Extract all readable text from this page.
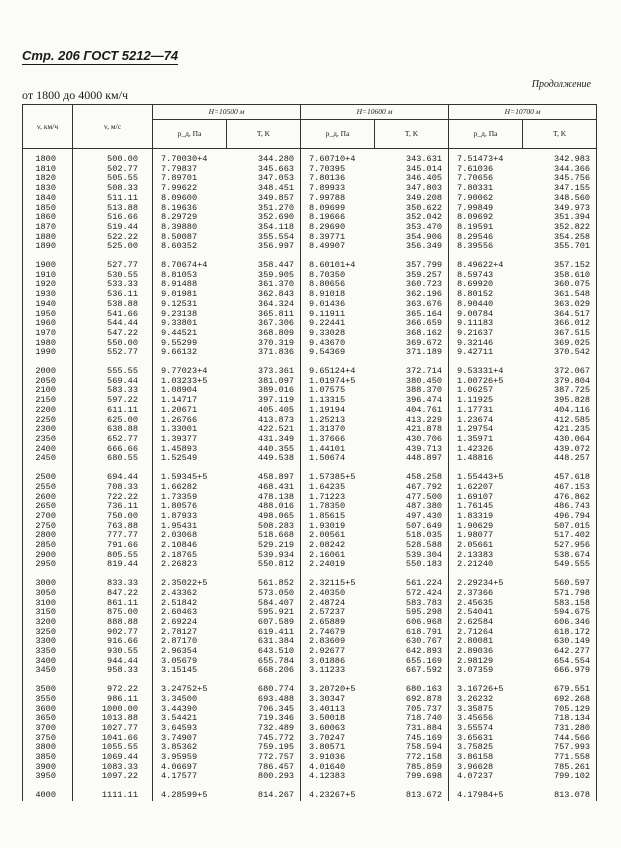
Стр. 206 ГОСТ 5212—74
Продолжение
от 1800 до 4000 км/ч
v, км/ч	v, м/с	H=10500 м		H=10600 м		H=10700 м	
		p_д, Па	T, K	p_д, Па	T, K	p_д, Па	T, K
1800	500.00	7.70030+4	344.280	7.60710+4	343.631	7.51473+4	342.983
1810	502.77	7.79837	345.663	7.70395	345.014	7.61036	344.366
1820	505.55	7.89701	347.053	7.80136	346.405	7.70656	345.756
1830	508.33	7.99622	348.451	7.89933	347.803	7.80331	347.155
1840	511.11	8.09600	349.857	7.99788	349.208	7.90062	348.560
1850	513.88	8.19636	351.270	8.09699	350.622	7.99849	349.973
1860	516.66	8.29729	352.690	8.19666	352.042	8.09692	351.394
1870	519.44	8.39880	354.118	8.29690	353.470	8.19591	352.822
1880	522.22	8.50087	355.554	8.39771	354.906	8.29546	354.258
1890	525.00	8.60352	356.997	8.49907	356.349	8.39556	355.701

1900	527.77	8.70674+4	358.447	8.60101+4	357.799	8.49622+4	357.152
1910	530.55	8.81053	359.905	8.70350	359.257	8.59743	358.610
1920	533.33	8.91488	361.370	8.80656	360.723	8.69920	360.075
1930	536.11	9.01981	362.843	8.91018	362.196	8.80152	361.548
1940	538.88	9.12531	364.324	9.01436	363.676	8.90440	363.029
1950	541.66	9.23138	365.811	9.11911	365.164	9.00784	364.517
1960	544.44	9.33801	367.306	9.22441	366.659	9.11183	366.012
1970	547.22	9.44521	368.809	9.33028	368.162	9.21637	367.515
1980	550.00	9.55299	370.319	9.43670	369.672	9.32146	369.025
1990	552.77	9.66132	371.836	9.54369	371.189	9.42711	370.542

2000	555.55	9.77023+4	373.361	9.65124+4	372.714	9.53331+4	372.067
2050	569.44	1.03233+5	381.097	1.01974+5	380.450	1.00726+5	379.804
2100	583.33	1.08904	389.016	1.07575	388.370	1.06257	387.725
2150	597.22	1.14717	397.119	1.13315	396.474	1.11925	395.828
2200	611.11	1.20671	405.405	1.19194	404.761	1.17731	404.116
2250	625.00	1.26766	413.873	1.25213	413.229	1.23674	412.585
2300	638.88	1.33001	422.521	1.31370	421.878	1.29754	421.235
2350	652.77	1.39377	431.349	1.37666	430.706	1.35971	430.064
2400	666.66	1.45893	440.355	1.44101	439.713	1.42326	439.072
2450	680.55	1.52549	449.538	1.50674	448.897	1.48816	448.257

2500	694.44	1.59345+5	458.897	1.57385+5	458.258	1.55443+5	457.618
2550	708.33	1.66282	468.431	1.64235	467.792	1.62207	467.153
2600	722.22	1.73359	478.138	1.71223	477.500	1.69107	476.862
2650	736.11	1.80576	488.016	1.78350	487.380	1.76145	486.743
2700	750.00	1.87933	498.065	1.85615	497.430	1.83319	496.794
2750	763.88	1.95431	508.283	1.93019	507.649	1.90629	507.015
2800	777.77	2.03068	518.668	2.00561	518.035	1.98077	517.402
2850	791.66	2.10846	529.219	2.08242	528.588	2.05661	527.956
2900	805.55	2.18765	539.934	2.16061	539.304	2.13383	538.674
2950	819.44	2.26823	550.812	2.24019	550.183	2.21240	549.555

3000	833.33	2.35022+5	561.852	2.32115+5	561.224	2.29234+5	560.597
3050	847.22	2.43362	573.050	2.40350	572.424	2.37366	571.798
3100	861.11	2.51842	584.407	2.48724	583.783	2.45635	583.158
3150	875.00	2.60463	595.921	2.57237	595.298	2.54041	594.675
3200	888.88	2.69224	607.589	2.65889	606.968	2.62584	606.346
3250	902.77	2.78127	619.411	2.74679	618.791	2.71264	618.172
3300	916.66	2.87170	631.384	2.83609	630.767	2.80081	630.149
3350	930.55	2.96354	643.510	2.92677	642.893	2.89036	642.277
3400	944.44	3.05679	655.784	3.01886	655.169	2.98129	654.554
3450	958.33	3.15145	668.206	3.11233	667.592	3.07359	666.979

3500	972.22	3.24752+5	680.774	3.20720+5	680.163	3.16726+5	679.551
3550	986.11	3.34500	693.488	3.30347	692.878	3.26232	692.268
3600	1000.00	3.44390	706.345	3.40113	705.737	3.35875	705.129
3650	1013.88	3.54421	719.346	3.50018	718.740	3.45656	718.134
3700	1027.77	3.64593	732.489	3.60063	731.884	3.55574	731.280
3750	1041.66	3.74907	745.772	3.70247	745.169	3.65631	744.566
3800	1055.55	3.85362	759.195	3.80571	758.594	3.75825	757.993
3850	1069.44	3.95959	772.757	3.91036	772.158	3.86158	771.558
3900	1083.33	4.06697	786.457	4.01640	785.859	3.96628	785.261
3950	1097.22	4.17577	800.293	4.12383	799.698	4.07237	799.102

4000	1111.11	4.28599+5	814.267	4.23267+5	813.672	4.17984+5	813.078
